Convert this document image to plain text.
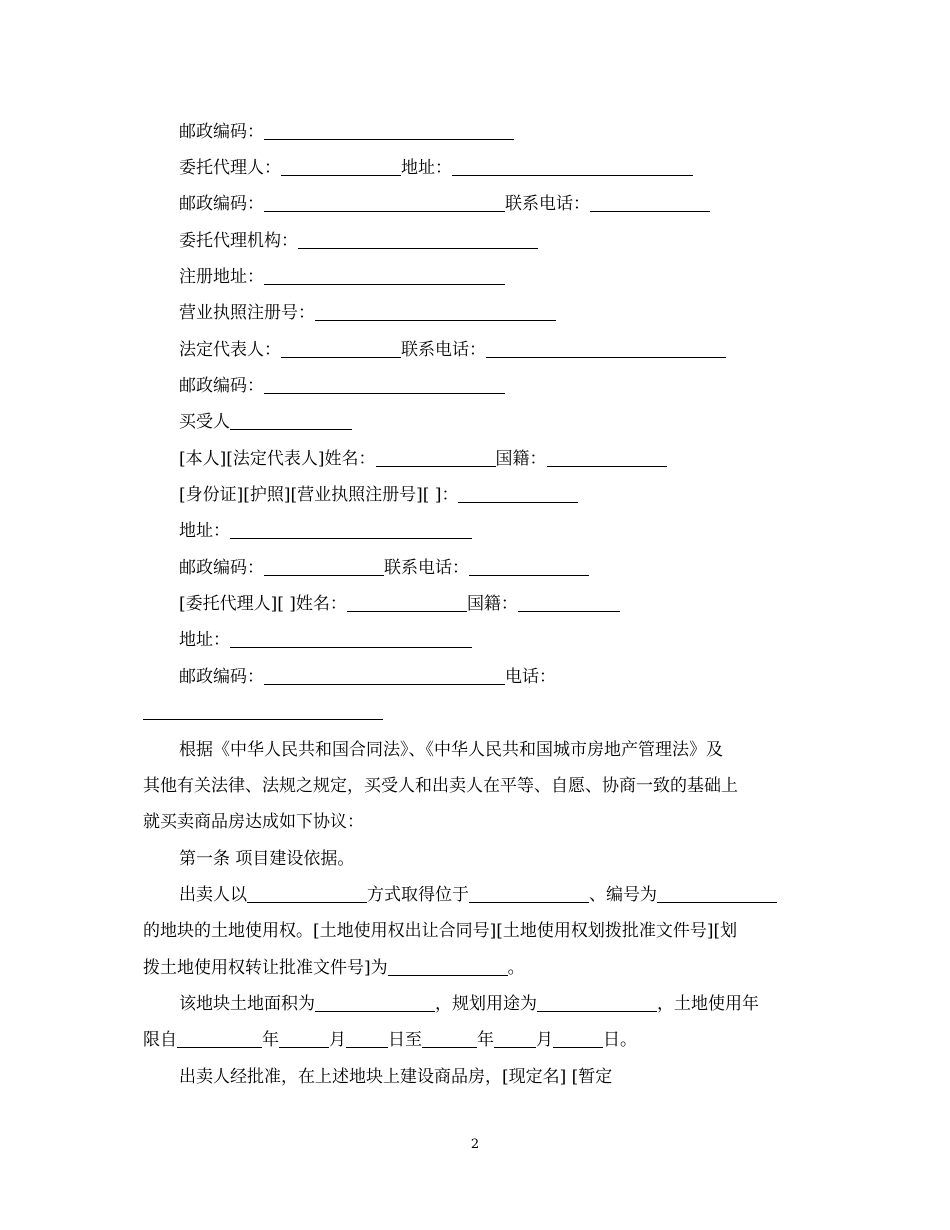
邮政编码：
委托代理人：	地址：
邮政编码：	联系电话：
委托代理机构：
注册地址：
营业执照注册号：
法定代表人：	联系电话：
邮政编码：
买受人
[本人][法定代表人]姓名：	国籍：
[身份证][护照][营业执照注册号][ ]：
地址：
邮政编码：	联系电话：
[委托代理人][ ]姓名：	国籍：
地址：
邮政编码：	电话：
根据《中华人民共和国合同法》、《中华人民共和国城市房地产管理法》及
其他有关法律、法规之规定，买受人和出卖人在平等、自愿、协商一致的基础上
就买卖商品房达成如下协议：
第一条 项目建设依据。
出卖人以	方式取得位于	、编号为
的地块的土地使用权。[土地使用权出让合同号][土地使用权划拨批准文件号][划
拨土地使用权转让批准文件号]为	。
该地块土地面积为	，规划用途为	，土地使用年
限自	年	月 日至	年 月	日。
出卖人经批准，在上述地块上建设商品房，[现定名] [暂定
2
